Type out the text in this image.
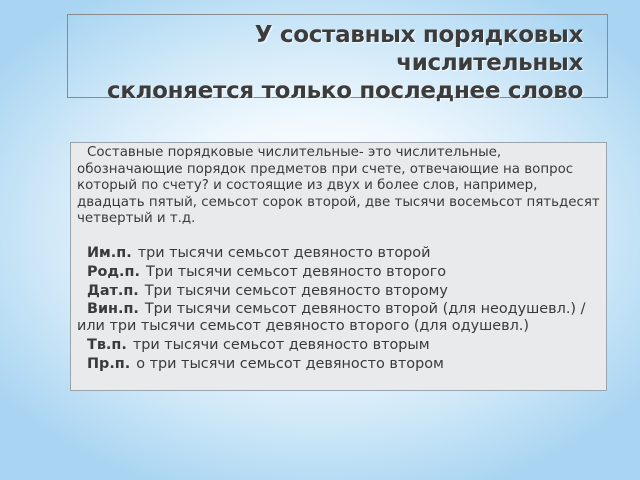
У составных порядковых числительных
склоняется только последнее слово

Составные порядковые числительные- это числительные, обозначающие порядок предметов при счете, отвечающие на вопрос который по счету? и состоящие из двух и более слов, например, двадцать пятый, семьсот сорок второй, две тысячи восемьсот пятьдесят четвертый и т.д.

Им.п. три тысячи семьсот девяносто второй

Род.п. Три тысячи семьсот девяносто второго

Дат.п. Три тысячи семьсот девяносто второму

Вин.п. Три тысячи семьсот девяносто второй (для неодушевл.) / или три тысячи семьсот девяносто второго (для одушевл.)

Тв.п. три тысячи семьсот девяносто вторым

Пр.п. о три тысячи семьсот девяносто втором
